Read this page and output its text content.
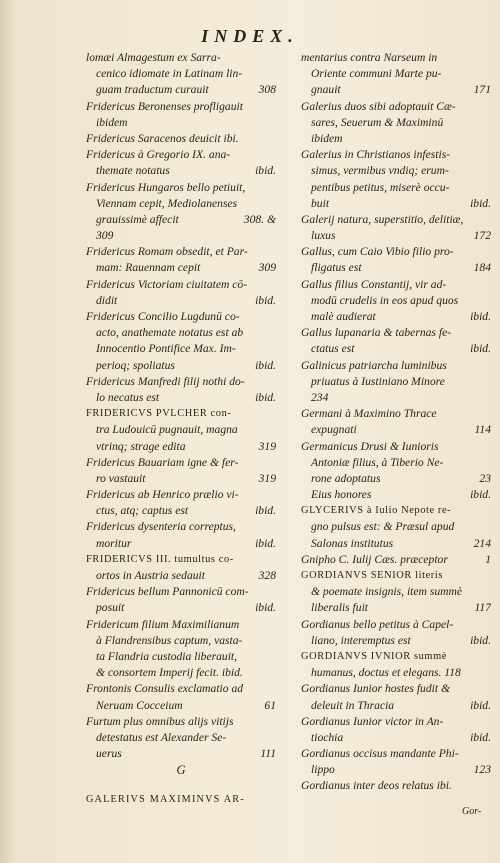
INDEX.
lomæi Almagestum ex Sarra-
cenico idiomate in Latinam lin-
guam traductum curauit	308
Fridericus Beronenses profligauit
ibidem
Fridericus Saracenos deuicit ibi.
Fridericus à Gregorio IX. ana-
themate notatus	ibid.
Fridericus Hungaros bello petiuit,
Viennam cepit, Mediolanenses
grauissimè affecit	308. &
309
Fridericus Romam obsedit, et Par-
mam: Rauennam cepit	309
Fridericus Victoriam ciuitatem cō-
didit	ibid.
Fridericus Concilio Lugdunū co-
acto, anathemate notatus est ab
Innocentio Pontifice Max. Im-
perioq; spoliatus	ibid.
Fridericus Manfredi filij nothi do-
lo necatus est	ibid.
FRIDERICVS PVLCHER con-
tra Ludouicū pugnauit, magna
vtrinq; strage edita	319
Fridericus Bauariam igne & fer-
ro vastauit	319
Fridericus ab Henrico prælio vi-
ctus, atq; captus est	ibid.
Fridericus dysenteria correptus,
moritur	ibid.
FRIDERICVS III. tumultus co-
ortos in Austria sedauit	328
Fridericus bellum Pannonicū com-
posuit	ibid.
Fridericum filium Maximilianum
à Flandrensibus captum, vasta-
ta Flandria custodia liberauit,
& consortem Imperij fecit. ibid.
Frontonis Consulis exclamatio ad
Neruam Cocceium	61
Furtum plus omnibus alijs vitijs
detestatus est Alexander Se-
uerus	111
G
mentarius contra Narseum in
Oriente communi Marte pu-
gnauit	171
Galerius duos sibi adoptauit Cæ-
sares, Seuerum & Maximinū
ibidem
Galerius in Christianos infestis-
simus, vermibus vndiq; erum-
pentibus petitus, miserè occu-
buit	ibid.
Galerij natura, superstitio, delitiæ,
luxus	172
Gallus, cum Caio Vibio filio pro-
fligatus est	184
Gallus filius Constantij, vir ad-
modū crudelis in eos apud quos
malè audierat	ibid.
Gallus lupanaria & tabernas fe-
ctatus est	ibid.
Galinicus patriarcha luminibus
priuatus à Iustiniano Minore
234
Germani à Maximino Thrace
expugnati	114
Germanicus Drusi & Iunioris
Antoniæ filius, à Tiberio Ne-
rone adoptatus	23
Eius honores	ibid.
GLYCERIVS à Iulio Nepote re-
gno pulsus est: & Præsul apud
Salonas institutus	214
Gnipho C. Iulij Cæs. præceptor	1
GORDIANVS SENIOR literis
& poemate insignis, item summè
liberalis fuit	117
Gordianus bello petitus à Capel-
liano, interemptus est	ibid.
GORDIANVS IVNIOR summè
humanus, doctus et elegans. 118
Gordianus Iunior hostes fudit &
deleuit in Thracia	ibid.
Gordianus Iunior victor in An-
tiochia	ibid.
Gordianus occisus mandante Phi-
lippo	123
Gordianus inter deos relatus ibi.
GALERIVS MAXIMINVS AR-
Gor-
